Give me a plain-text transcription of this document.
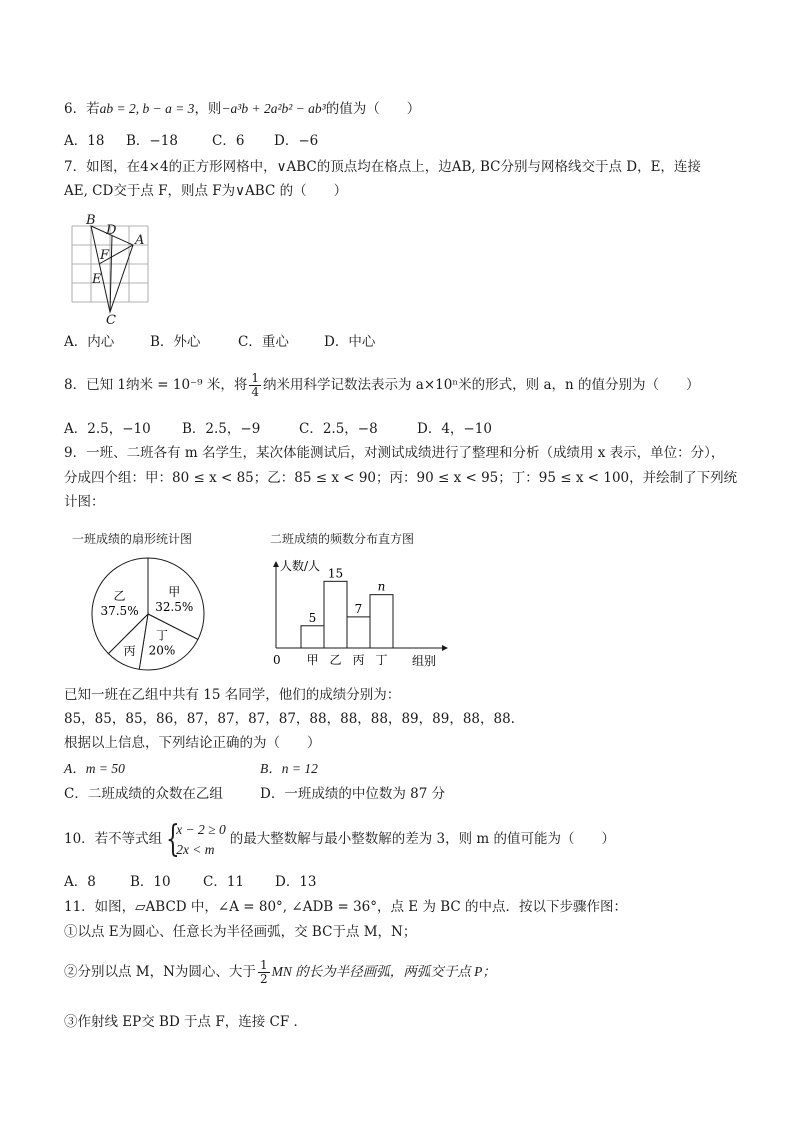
6．若ab = 2, b − a = 3，则−a³b + 2a²b² − ab³的值为（　　）
A．18 B．−18	C．6 D．−6
7．如图，在4×4的正方形网格中，∨ABC的顶点均在格点上，边AB, BC分别与网格线交于点 D，E，连接
AE, CD交于点 F，则点 F为∨ABC 的（　　）
B
D
A
F
E
C
A．内心	B．外心	C．重心	D．中心
8．已知 1纳米 = 10⁻⁹ 米，将 $\frac{1}{4}$ 纳米用科学记数法表示为 a×10ⁿ米的形式，则 a，n 的值分别为（　　）
A．2.5，−10 B．2.5，−9	C．2.5，−8	D．4，−10
9．一班、二班各有 m 名学生，某次体能测试后，对测试成绩进行了整理和分析（成绩用 x 表示，单位：分），
分成四个组：甲：80 ≤ x < 85；乙：85 ≤ x < 90；丙：90 ≤ x < 95；丁：95 ≤ x < 100，并绘制了下列统
计图：
一班成绩的扇形统计图
甲
32.5%
丁
20%
丙
乙
37.5%
二班成绩的频数分布直方图
人数/人
0	组别
5
甲
15
乙
7
丙
n
丁
已知一班在乙组中共有 15 名同学，他们的成绩分别为：
85，85，85，86，87，87，87，87，88，88，88，89，89，88，88.
根据以上信息，下列结论正确的为（　　）
A．m = 50	B．n = 12
C．二班成绩的众数在乙组	D．一班成绩的中位数为 87 分
10．若不等式组 {
x − 2 ≥ 0
2x < m
的最大整数解与最小整数解的差为 3，则 m 的值可能为（　　）
A．8	B．10 C．11 D．13
11．如图，▱ABCD 中，∠A = 80°, ∠ADB = 36°，点 E 为 BC 的中点．按以下步骤作图：
①以点 E为圆心、任意长为半径画弧，交 BC于点 M，N；
②分别以点 M，N为圆心、大于 $\frac{1}{2}$ MN 的长为半径画弧，两弧交于点 P；
③作射线 EP交 BD 于点 F，连接 CF ．
